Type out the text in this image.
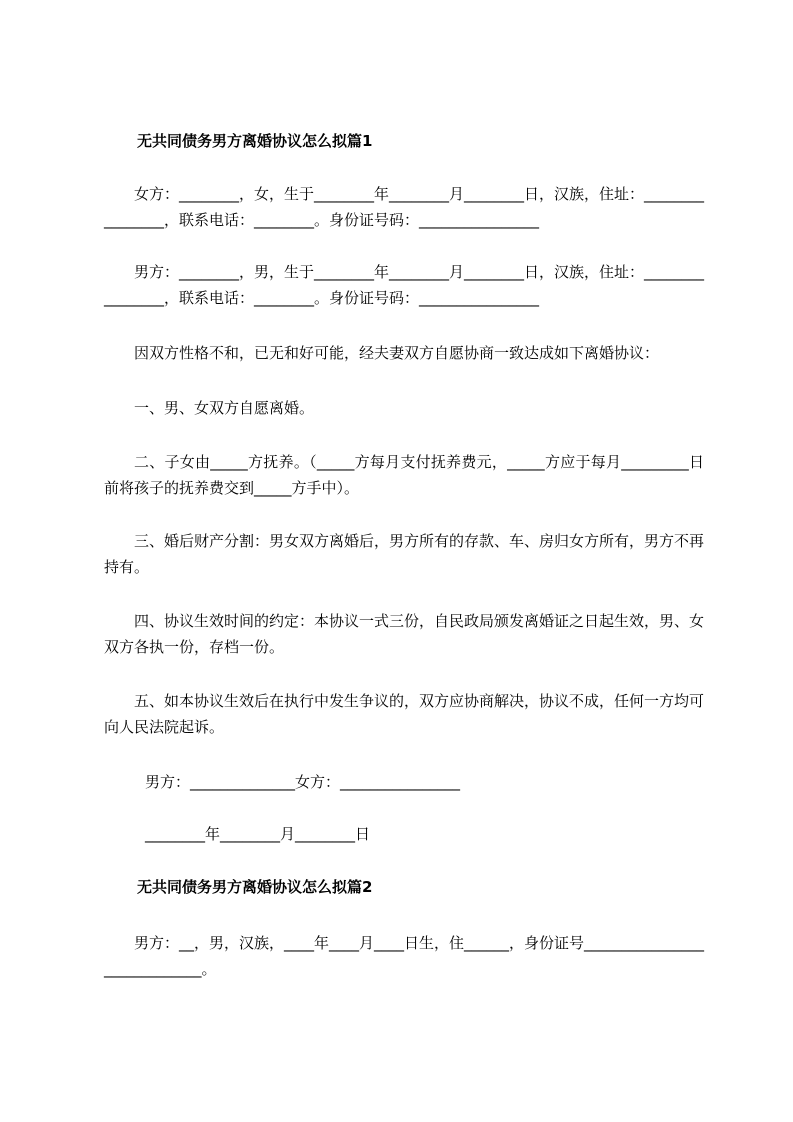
无共同债务男方离婚协议怎么拟篇1
女方：________，女，生于________年________月________日，汉族，住址：________________，联系电话：________。身份证号码：________________
男方：________，男，生于________年________月________日，汉族，住址：________________，联系电话：________。身份证号码：________________
因双方性格不和，已无和好可能，经夫妻双方自愿协商一致达成如下离婚协议：
一、男、女双方自愿离婚。
二、子女由_____方抚养。（_____方每月支付抚养费元，_____方应于每月_________日前将孩子的抚养费交到_____方手中）。
三、婚后财产分割：男女双方离婚后，男方所有的存款、车、房归女方所有，男方不再持有。
四、协议生效时间的约定：本协议一式三份，自民政局颁发离婚证之日起生效，男、女双方各执一份，存档一份。
五、如本协议生效后在执行中发生争议的，双方应协商解决，协议不成，任何一方均可向人民法院起诉。
男方：______________女方：________________
________年________月________日
无共同债务男方离婚协议怎么拟篇2
男方：__，男，汉族，____年____月____日生，住______，身份证号_____________________________。
